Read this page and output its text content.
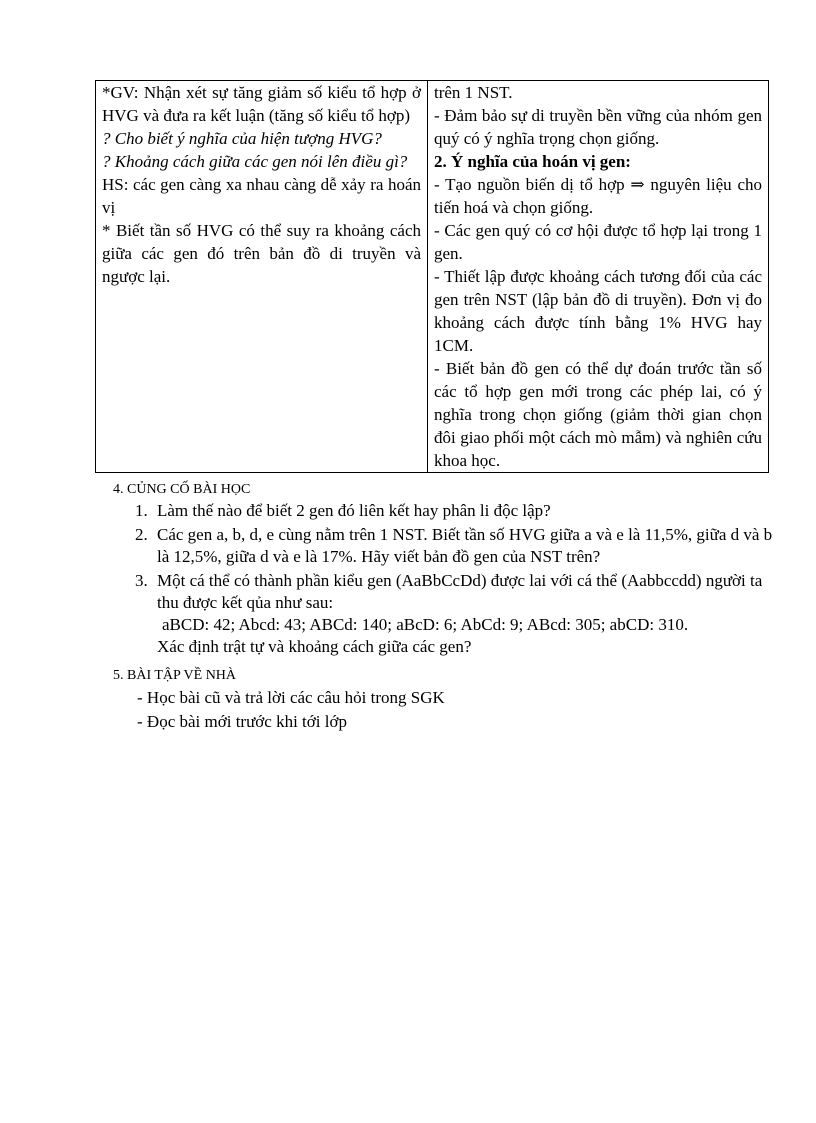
*GV: Nhận xét sự tăng giảm số kiểu tổ hợp ở HVG và đưa ra kết luận (tăng số kiểu tổ hợp)
? Cho biết ý nghĩa của hiện tượng HVG?
? Khoảng cách giữa các gen nói lên điều gì?
HS: các gen càng xa nhau càng dễ xảy ra hoán vị
* Biết tần số HVG có thể suy ra khoảng cách giữa các gen đó trên bản đồ di truyền và ngược lại.

trên 1 NST.
- Đảm bảo sự di truyền bền vững của nhóm gen quý có ý nghĩa trọng chọn giống.
2. Ý nghĩa của hoán vị gen:
- Tạo nguồn biến dị tổ hợp ⇒ nguyên liệu cho tiến hoá và chọn giống.
- Các gen quý có cơ hội được tổ hợp lại trong 1 gen.
- Thiết lập được khoảng cách tương đối của các gen trên NST (lập bản đồ di truyền). Đơn vị đo khoảng cách được tính bằng 1% HVG hay 1CM.
- Biết bản đồ gen có thể dự đoán trước tần số các tổ hợp gen mới trong các phép lai, có ý nghĩa trong chọn giống (giảm thời gian chọn đôi giao phối một cách mò mẫm) và nghiên cứu khoa học.
4. CỦNG CỐ BÀI HỌC
1. Làm thế nào để biết 2 gen đó liên kết hay phân li độc lập?
2. Các gen a, b, d, e cùng nằm trên 1 NST. Biết tần số HVG giữa a và e là 11,5%, giữa d và b là 12,5%, giữa d và e là 17%. Hãy viết bản đồ gen của NST trên?
3. Một cá thể có thành phần kiểu gen (AaBbCcDd) được lai với cá thể (Aabbccdd) người ta thu được kết qủa như sau:
aBCD: 42; Abcd: 43; ABCd: 140; aBcD: 6; AbCd: 9; ABcd: 305; abCD: 310.
Xác định trật tự và khoảng cách giữa các gen?
5. BÀI TẬP VỀ NHÀ
- Học bài cũ và trả lời các câu hỏi trong SGK
- Đọc bài mới trước khi tới lớp
